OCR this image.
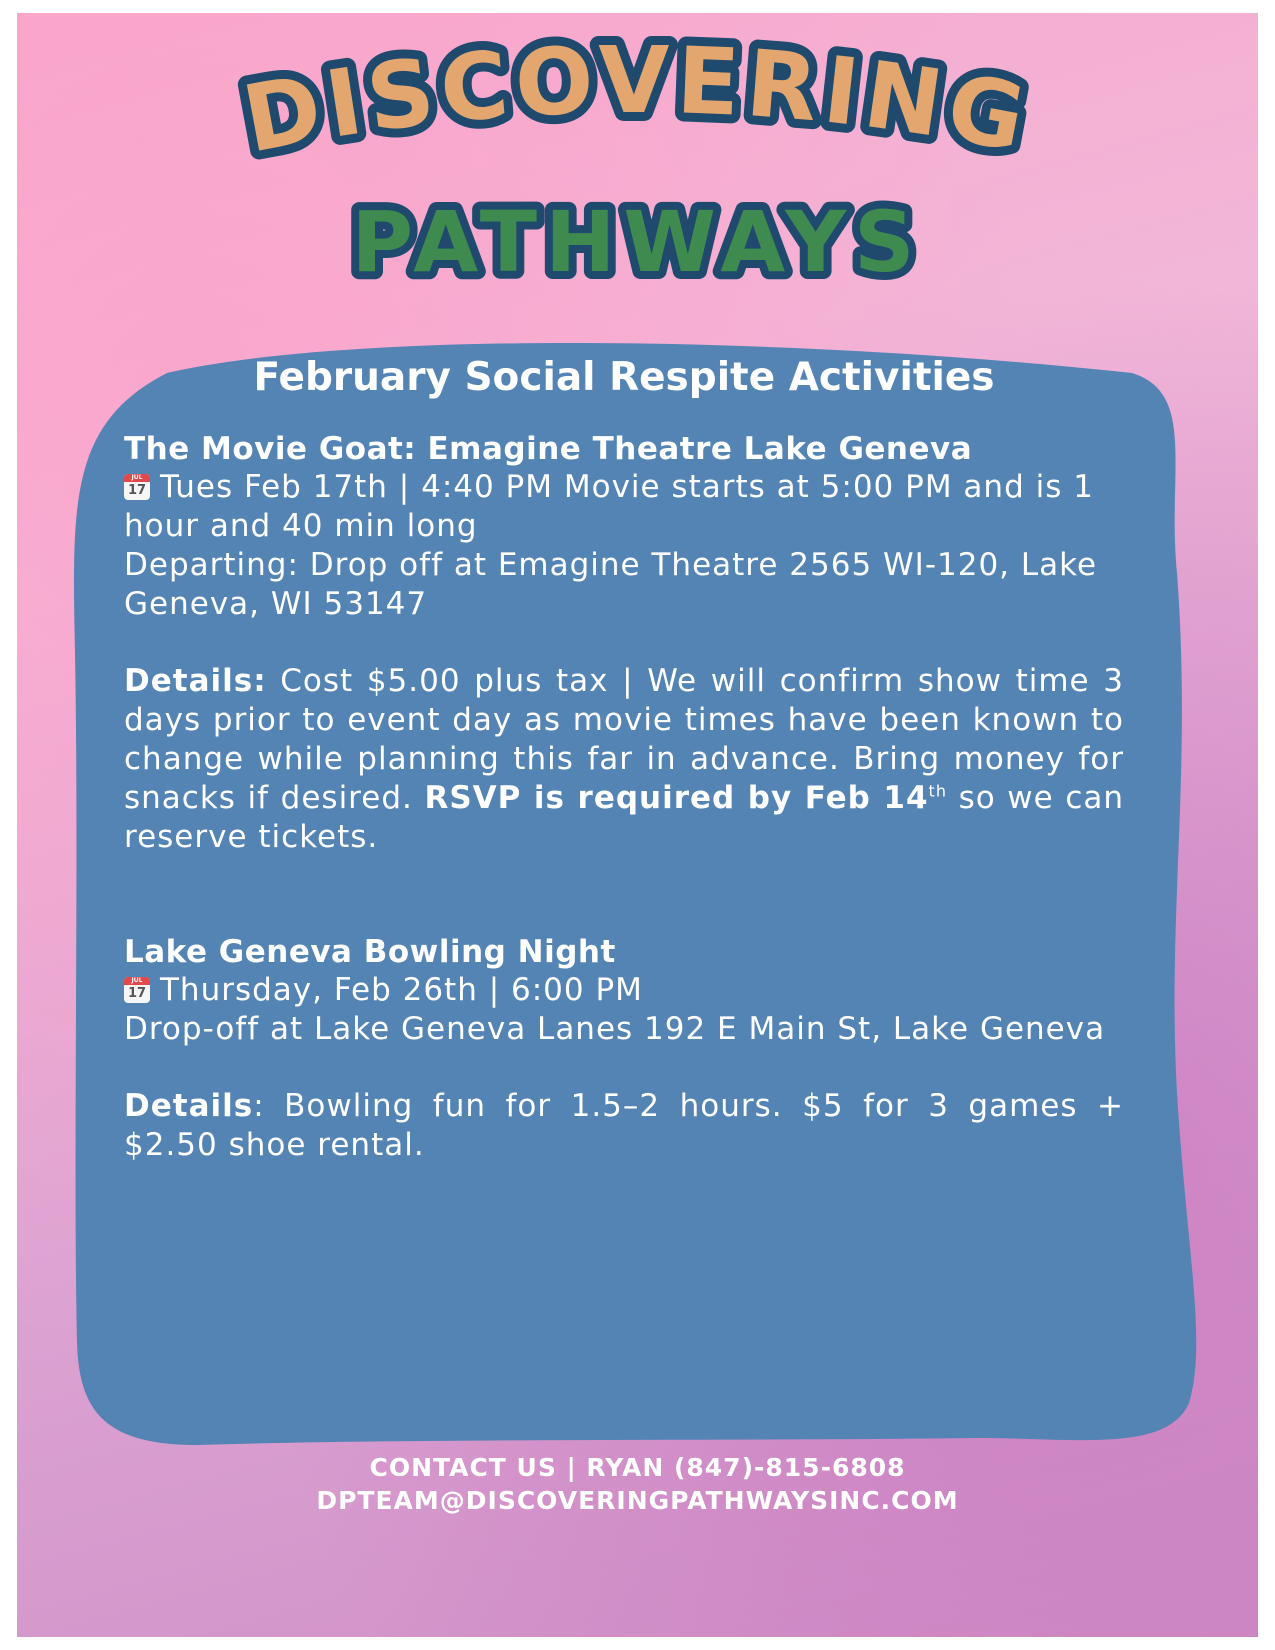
DISCOVERING
PATHWAYS
February Social Respite Activities
The Movie Goat: Emagine Theatre Lake Geneva
JUL
17 Tues Feb 17th | 4:40 PM Movie starts at 5:00 PM and is 1 hour and 40 min long
Departing: Drop off at Emagine Theatre 2565 WI-120, Lake Geneva, WI 53147
Details: Cost $5.00 plus tax | We will confirm show time 3 days prior to event day as movie times have been known to change while planning this far in advance. Bring money for snacks if desired. RSVP is required by Feb 14th so we can reserve tickets.
Lake Geneva Bowling Night
JUL
17 Thursday, Feb 26th | 6:00 PM
Drop-off at Lake Geneva Lanes 192 E Main St, Lake Geneva
Details: Bowling fun for 1.5–2 hours. $5 for 3 games + $2.50 shoe rental.
CONTACT US | RYAN (847)-815-6808
DPTEAM@DISCOVERINGPATHWAYSINC.COM
